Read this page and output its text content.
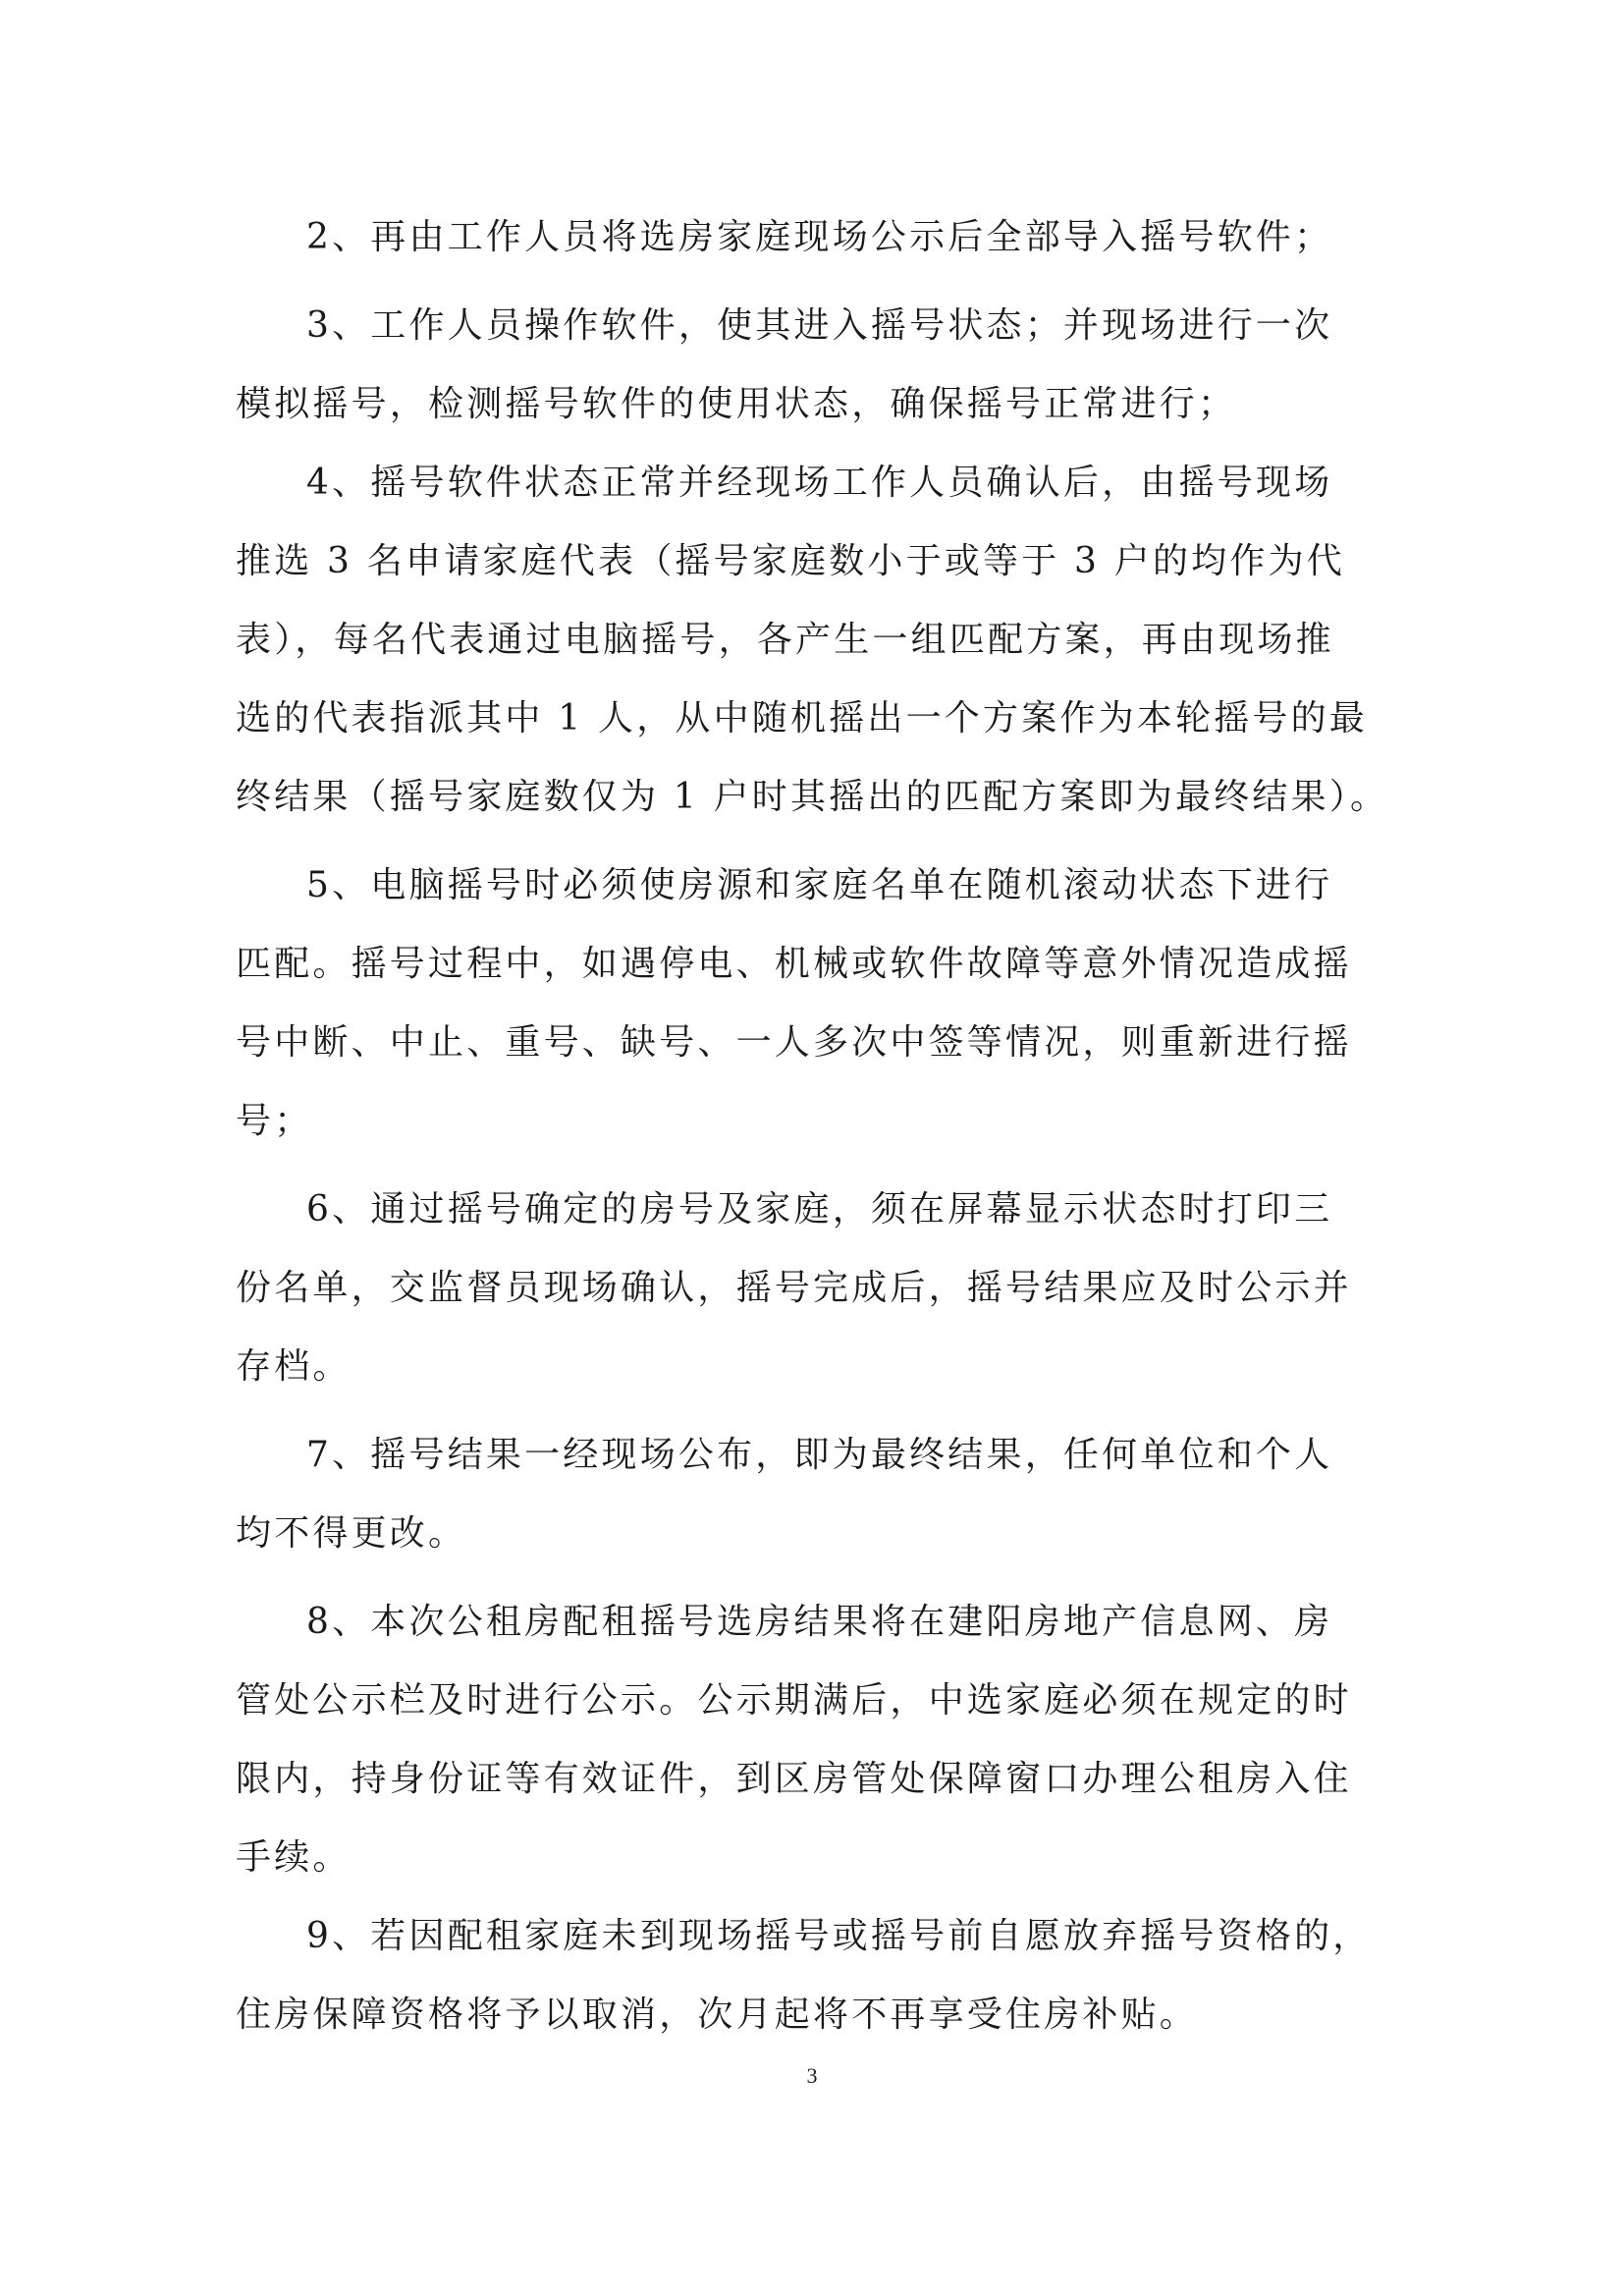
2、再由工作人员将选房家庭现场公示后全部导入摇号软件；
3、工作人员操作软件，使其进入摇号状态；并现场进行一次
模拟摇号，检测摇号软件的使用状态，确保摇号正常进行；
4、摇号软件状态正常并经现场工作人员确认后，由摇号现场
推选 3 名申请家庭代表（摇号家庭数小于或等于 3 户的均作为代
表），每名代表通过电脑摇号，各产生一组匹配方案，再由现场推
选的代表指派其中 1 人，从中随机摇出一个方案作为本轮摇号的最
终结果（摇号家庭数仅为 1 户时其摇出的匹配方案即为最终结果）。
5、电脑摇号时必须使房源和家庭名单在随机滚动状态下进行
匹配。摇号过程中，如遇停电、机械或软件故障等意外情况造成摇
号中断、中止、重号、缺号、一人多次中签等情况，则重新进行摇
号；
6、通过摇号确定的房号及家庭，须在屏幕显示状态时打印三
份名单，交监督员现场确认，摇号完成后，摇号结果应及时公示并
存档。
7、摇号结果一经现场公布，即为最终结果，任何单位和个人
均不得更改。
8、本次公租房配租摇号选房结果将在建阳房地产信息网、房
管处公示栏及时进行公示。公示期满后，中选家庭必须在规定的时
限内，持身份证等有效证件，到区房管处保障窗口办理公租房入住
手续。
9、若因配租家庭未到现场摇号或摇号前自愿放弃摇号资格的，
住房保障资格将予以取消，次月起将不再享受住房补贴。
3
